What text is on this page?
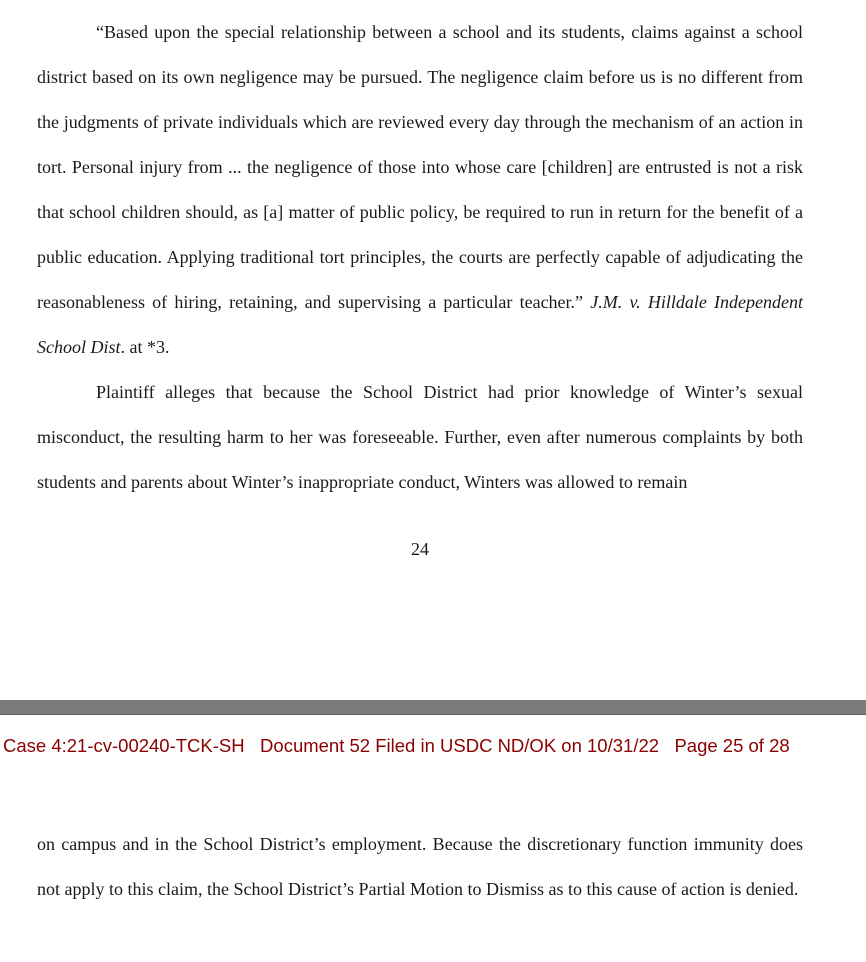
“Based upon the special relationship between a school and its students, claims against a school district based on its own negligence may be pursued. The negligence claim before us is no different from the judgments of private individuals which are reviewed every day through the mechanism of an action in tort. Personal injury from ... the negligence of those into whose care [children] are entrusted is not a risk that school children should, as [a] matter of public policy, be required to run in return for the benefit of a public education. Applying traditional tort principles, the courts are perfectly capable of adjudicating the reasonableness of hiring, retaining, and supervising a particular teacher.” J.M. v. Hilldale Independent School Dist. at *3.

Plaintiff alleges that because the School District had prior knowledge of Winter’s sexual misconduct, the resulting harm to her was foreseeable. Further, even after numerous complaints by both students and parents about Winter’s inappropriate conduct, Winters was allowed to remain

24
Case 4:21-cv-00240-TCK-SH Document 52 Filed in USDC ND/OK on 10/31/22 Page 25 of 28

on campus and in the School District’s employment. Because the discretionary function immunity does not apply to this claim, the School District’s Partial Motion to Dismiss as to this cause of action is denied.
